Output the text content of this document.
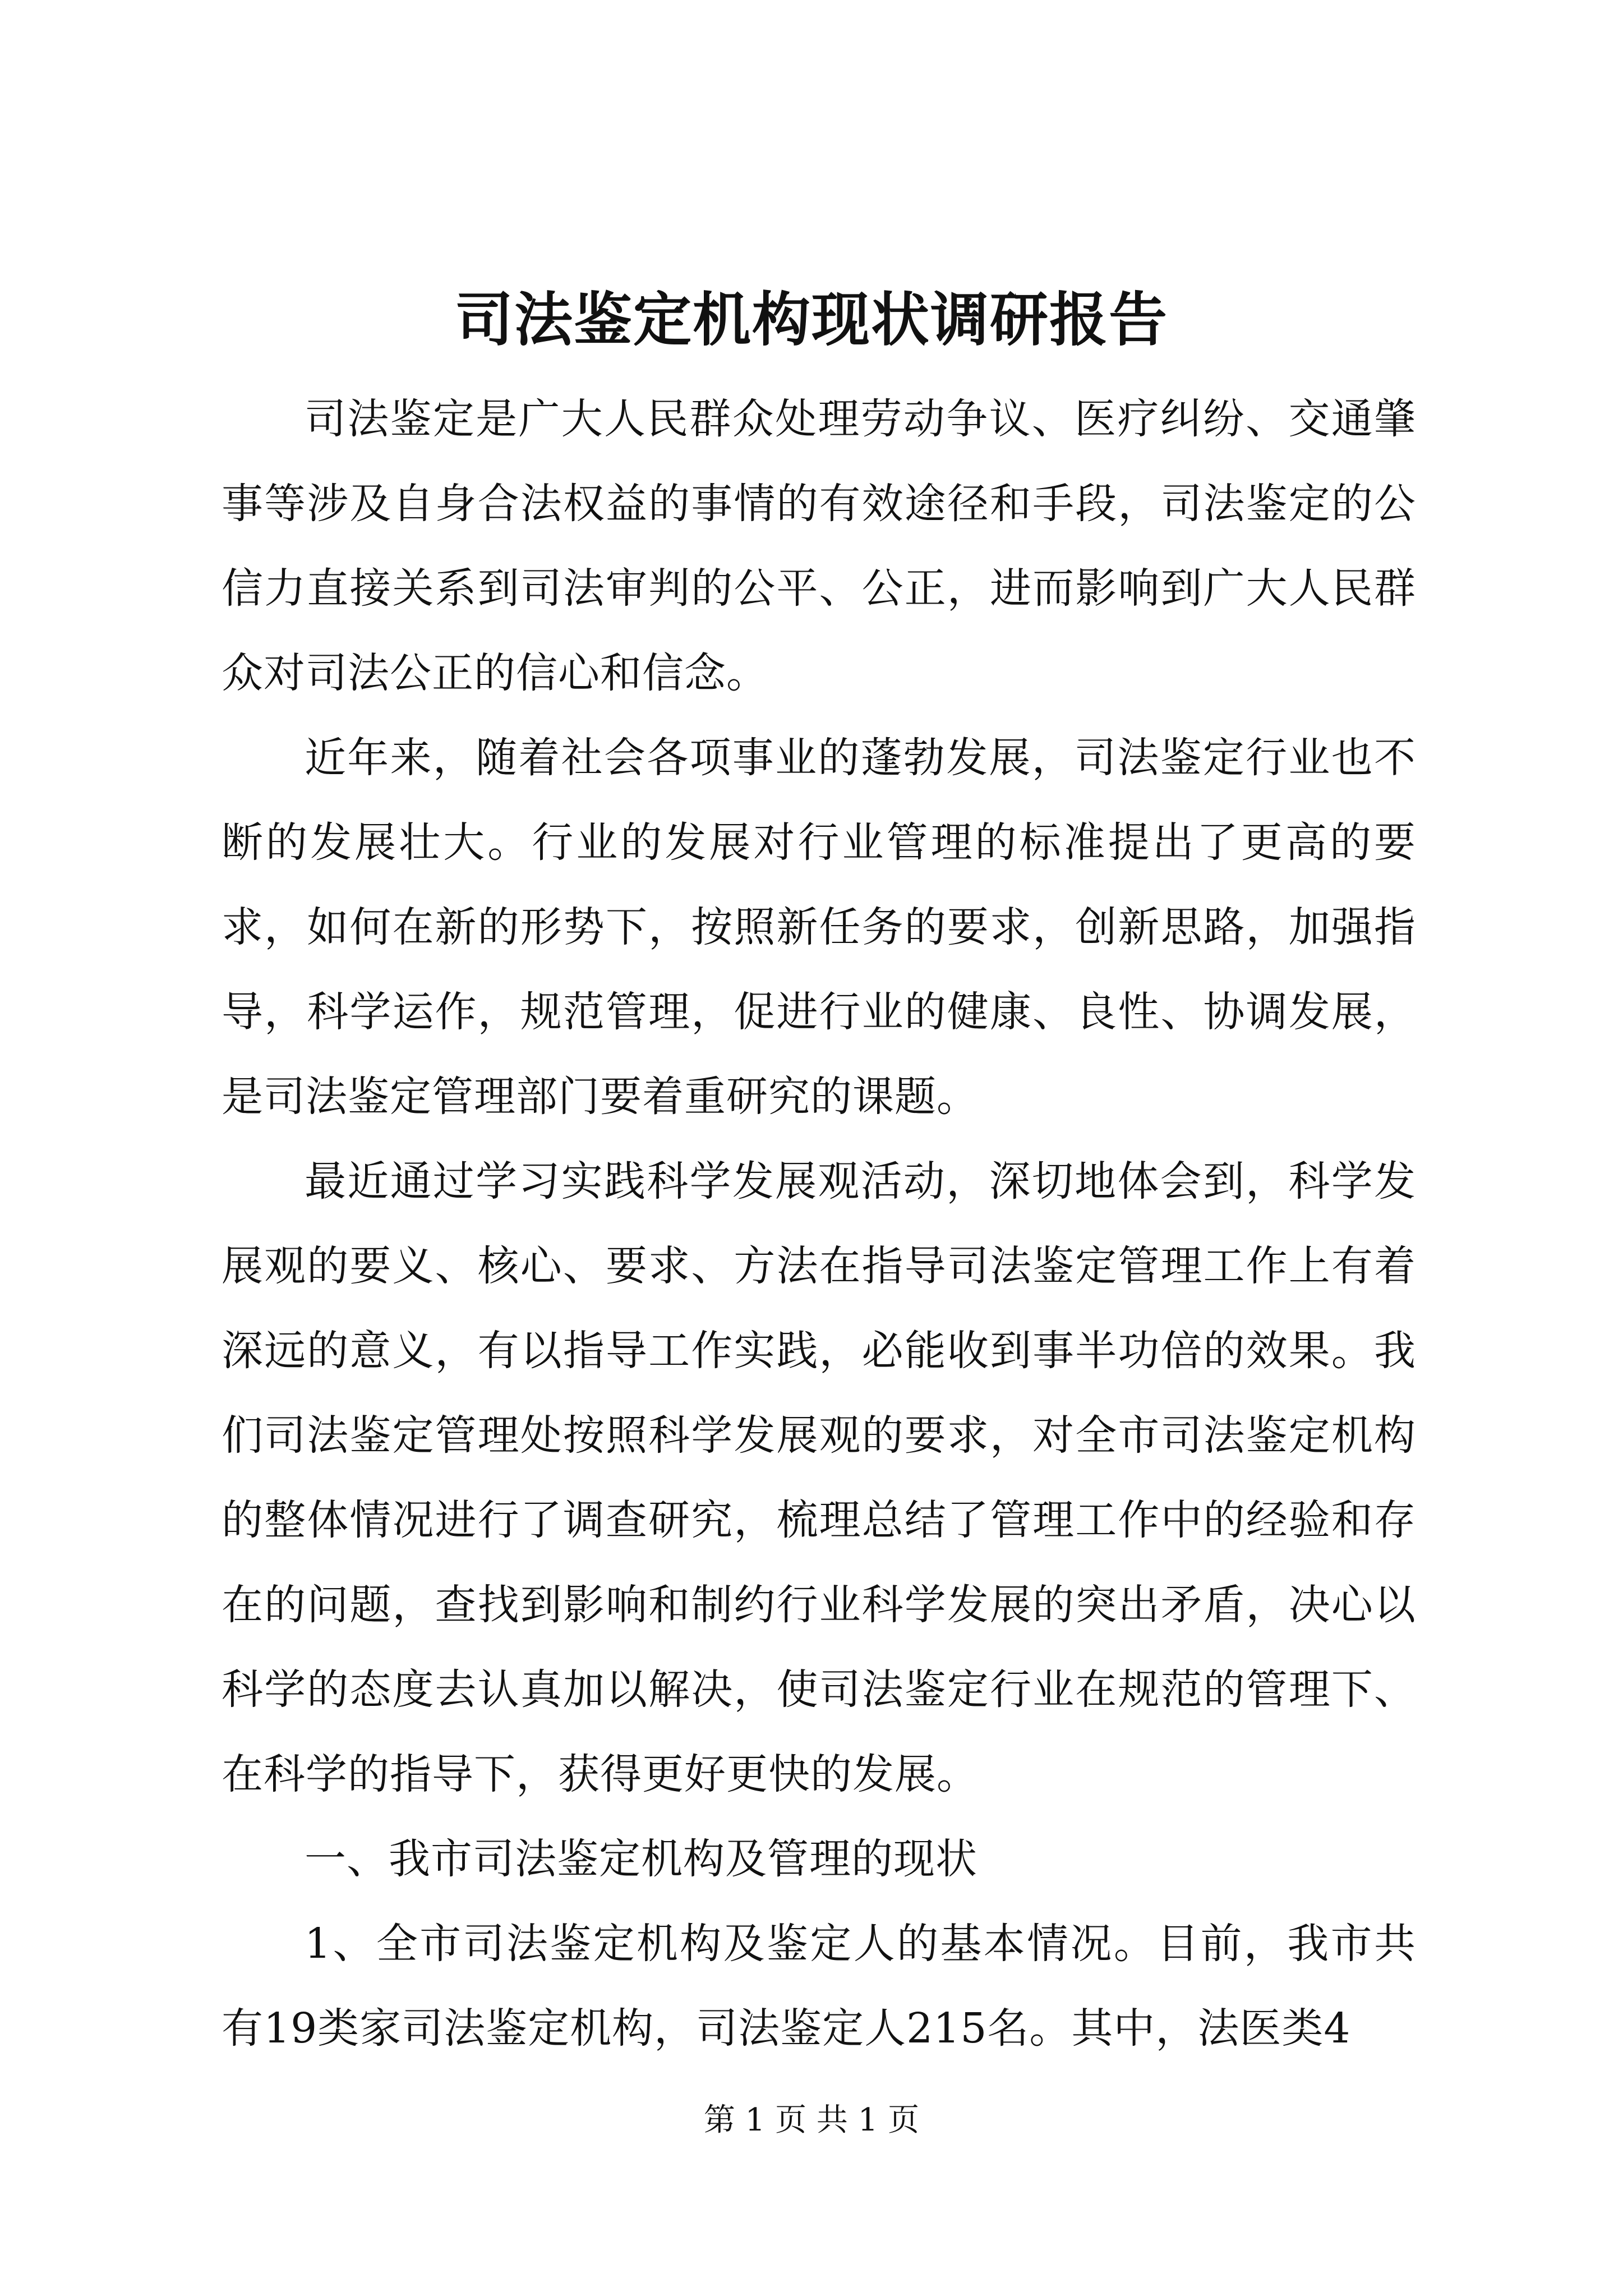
司法鉴定机构现状调研报告

司法鉴定是广大人民群众处理劳动争议、医疗纠纷、交通肇事等涉及自身合法权益的事情的有效途径和手段，司法鉴定的公信力直接关系到司法审判的公平、公正，进而影响到广大人民群众对司法公正的信心和信念。

近年来，随着社会各项事业的蓬勃发展，司法鉴定行业也不断的发展壮大。行业的发展对行业管理的标准提出了更高的要求，如何在新的形势下，按照新任务的要求，创新思路，加强指导，科学运作，规范管理，促进行业的健康、良性、协调发展，是司法鉴定管理部门要着重研究的课题。

最近通过学习实践科学发展观活动，深切地体会到，科学发展观的要义、核心、要求、方法在指导司法鉴定管理工作上有着深远的意义，有以指导工作实践，必能收到事半功倍的效果。我们司法鉴定管理处按照科学发展观的要求，对全市司法鉴定机构的整体情况进行了调查研究，梳理总结了管理工作中的经验和存在的问题，查找到影响和制约行业科学发展的突出矛盾，决心以科学的态度去认真加以解决，使司法鉴定行业在规范的管理下、在科学的指导下，获得更好更快的发展。

一、我市司法鉴定机构及管理的现状

1、全市司法鉴定机构及鉴定人的基本情况。目前，我市共有19类家司法鉴定机构，司法鉴定人215名。其中，法医类4

第 1 页 共 1 页
